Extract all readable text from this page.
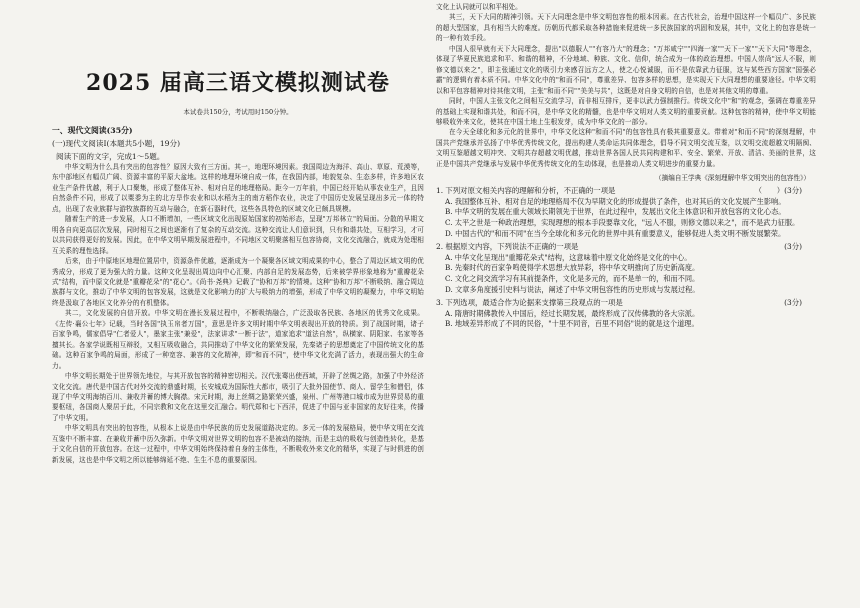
2025 届高三语文模拟测试卷
本试卷共150分，考试用时150分钟。
一、现代文阅读(35分)
(一)现代文阅读Ⅰ(本题共5小题，19分)
阅读下面的文字，完成1～5题。

中华文明为什么具有突出的包容性？原因大致有三方面。其一，地理环境因素。我国周边为海洋、高山、草原、荒漠等，东中部地区有幅员广阔、资源丰富的平原大盆地。这样的地理环境自成一体，在我国内部，地貌复杂、生态多样，许多地区农业生产条件优越，利于人口聚集，形成了整体互补、相对自足的地理格局。距今一万年前，中国已经开始从事农业生产，且因自然条件不同，形成了以粟黍为主的北方旱作农业和以水稻为主的南方稻作农业，决定了中国历史发展呈现出多元一体的特点，出现了农业族群与游牧族群的互动与融合，在新石器时代，这些各具特色的区域文化已颇具规模。

随着生产的进一步发展，人口不断增加，一些区域文化出现原始国家的初始形态，呈现"万邦林立"的局面。分散的早期文明各自向更高层次发展，同时相互之间也逐渐有了复杂的互动交流。这种交流让人们意识到，只有和谐共处，互相学习，才可以共同获得更好的发展。因此，在中华文明早期发展进程中，不同地区文明聚落相互包容协商，文化交流融合，就成为处理相互关系的理性选择。

后来，由于中原地区地理位置居中，资源条件优越，逐渐成为一个凝聚各区域文明成果的中心，整合了周边区域文明的优秀成分，形成了更为强大的力量。这种文化呈现出周边向中心汇聚、内部自足的发展态势，后来被学界形象地称为"重瓣花朵式"结构，而中原文化就是"重瓣花朵"的"花心"。《尚书·尧典》记载了"协和万邦"的情境。这种"协和万邦"不断吸纳、融合周边族群与文化，推动了中华文明的包容发展，这就是文化影响力的扩大与吸纳力的增强，形成了中华文明的凝聚力，中华文明始终是汲取了各地区文化养分的有机整体。

其二，文化发展的自信开放。中华文明在漫长发展过程中，不断吸纳融合，广泛汲取各民族、各地区的优秀文化成果。《左传·襄公七年》记载，当时各国"执玉帛者万国"，意思是许多文明时期中华文明表现出开放的特质。到了战国时期，诸子百家争鸣，儒家倡导"仁者爱人"，墨家主张"兼爱"，法家讲求"一断于法"，道家追求"道法自然"，纵横家、阴阳家、名家等各擅其长。各家学说既相互辩驳，又相互吸收融合，共同推动了中华文化的繁荣发展，先秦诸子的思想奠定了中国传统文化的基础。这种百家争鸣的局面，形成了一种宽容、兼容的文化精神，即"和而不同"，使中华文化充满了活力，表现出强大的生命力。

中华文明长期处于世界领先地位，与其开放包容的精神密切相关。汉代张骞出使西域，开辟了丝绸之路，加强了中外经济文化交流。唐代是中国古代对外交流的鼎盛时期，长安城成为国际性大都市，吸引了大批外国使节、商人、留学生和僧侣，体现了中华文明海纳百川、兼收并蓄的博大胸襟。宋元时期，海上丝绸之路繁荣兴盛，泉州、广州等港口城市成为世界贸易的重要枢纽，各国商人聚居于此，不同宗教和文化在这里交汇融合。明代郑和七下西洋，促进了中国与亚非国家的友好往来，传播了中华文明。

中华文明具有突出的包容性，从根本上说是由中华民族的历史发展道路决定的。多元一体的发展格局，使中华文明在交流互鉴中不断丰富、在兼收并蓄中历久弥新。中华文明对世界文明的包容不是被动的接纳，而是主动的吸收与创造性转化，是基于文化自信的开放包容。在这一过程中，中华文明始终保持着自身的主体性，不断吸收外来文化的精华，实现了与时俱进的创新发展，这也是中华文明之所以能够绵延不绝、生生不息的重要原因。

文化上认同就可以和平相处。

其三，天下大同的精神引领。天下大同理念是中华文明包容性的根本因素。在古代社会，治理中国这样一个幅员广、多民族的超大型国家，具有相当大的难度。历朝历代都采取各种措施来促进统一多民族国家的巩固和发展，其中，文化上的包容是统一的一种有效手段。

中国人很早就有天下大同理念，提出"以德服人""有容乃大"的理念；"万邦咸宁""四海一家""天下一家""天下大同"等理念，体现了华夏民族追求和平、和谐的精神，不分地域、种族、文化、信仰，统合成为一体的政治理想。中国人崇尚"远人不服，则修文德以来之"，即主张通过文化的吸引力来感召远方之人，使之心悦诚服，而不是依靠武力征服，这与某些西方国家"国强必霸"的逻辑有着本质不同。中华文化中的"和而不同"，尊重差异、包容多样的思想，是实现天下大同理想的重要途径。中华文明以和平包容精神对待其他文明，主张"和而不同""美美与共"，这既是对自身文明的自信，也是对其他文明的尊重。

同时，中国人主张文化之间相互交流学习，而非相互排斥，更非以武力强制推行。传统文化中"和"的观念，强调在尊重差异的基础上实现和谐共处，和而不同，是中华文化的精髓，也是中华文明对人类文明的重要贡献。这种包容的精神，使中华文明能够吸收外来文化，使其在中国土地上生根发芽，成为中华文化的一部分。

在今天全球化和多元化的世界中，中华文化这种"和而不同"的包容性具有极其重要意义。带着对"和而不同"的深刻理解，中国共产党继承并弘扬了中华优秀传统文化，提出构建人类命运共同体理念，倡导不同文明交流互鉴，以文明交流超越文明隔阂、文明互鉴超越文明冲突、文明共存超越文明优越，推动世界各国人民共同构建和平、安全、繁荣、开放、清洁、美丽的世界，这正是中国共产党继承与发展中华优秀传统文化的生动体现，也是推动人类文明进步的重要力量。

（摘编自王学典《深刻理解中华文明突出的包容性》）
1. 下列对原文相关内容的理解和分析，不正确的一项是	（　　）(3分)
A. 我国整体互补、相对自足的地理格局不仅为早期文化的形成提供了条件，也对其后的文化发展产生影响。
B. 中华文明的发展在重大领域长期领先于世界，在此过程中，发展出文化主体意识和开放包容的文化心态。
C. 太平之世是一种政治理想，实现理想的根本手段要靠文化，"远人不服，则修文德以来之"，而不是武力征服。
D. 中国古代的"和而不同"在当今全球化和多元化的世界中具有重要意义，能够促进人类文明不断发展繁荣。
2. 根据原文内容，下列说法不正确的一项是	(3分)
A. 中华文化呈现出"重瓣花朵式"结构，这意味着中原文化始终是文化的中心。
B. 先秦时代的百家争鸣使得学术思想大放异彩，将中华文明推向了历史新高度。
C. 文化之间交流学习有其前提条件，文化是多元的，而不是单一的，和而不同。
D. 文章多角度援引史料与说法，阐述了中华文明包容性的历史形成与发展过程。
3. 下列选项，最适合作为论据来支撑第三段观点的一项是	(3分)
A. 隋唐时期佛教传入中国后，经过长期发展，最终形成了汉传佛教的各大宗派。
B. 地域差异形成了不同的民俗，"十里不同音，百里不同俗"说的就是这个道理。
